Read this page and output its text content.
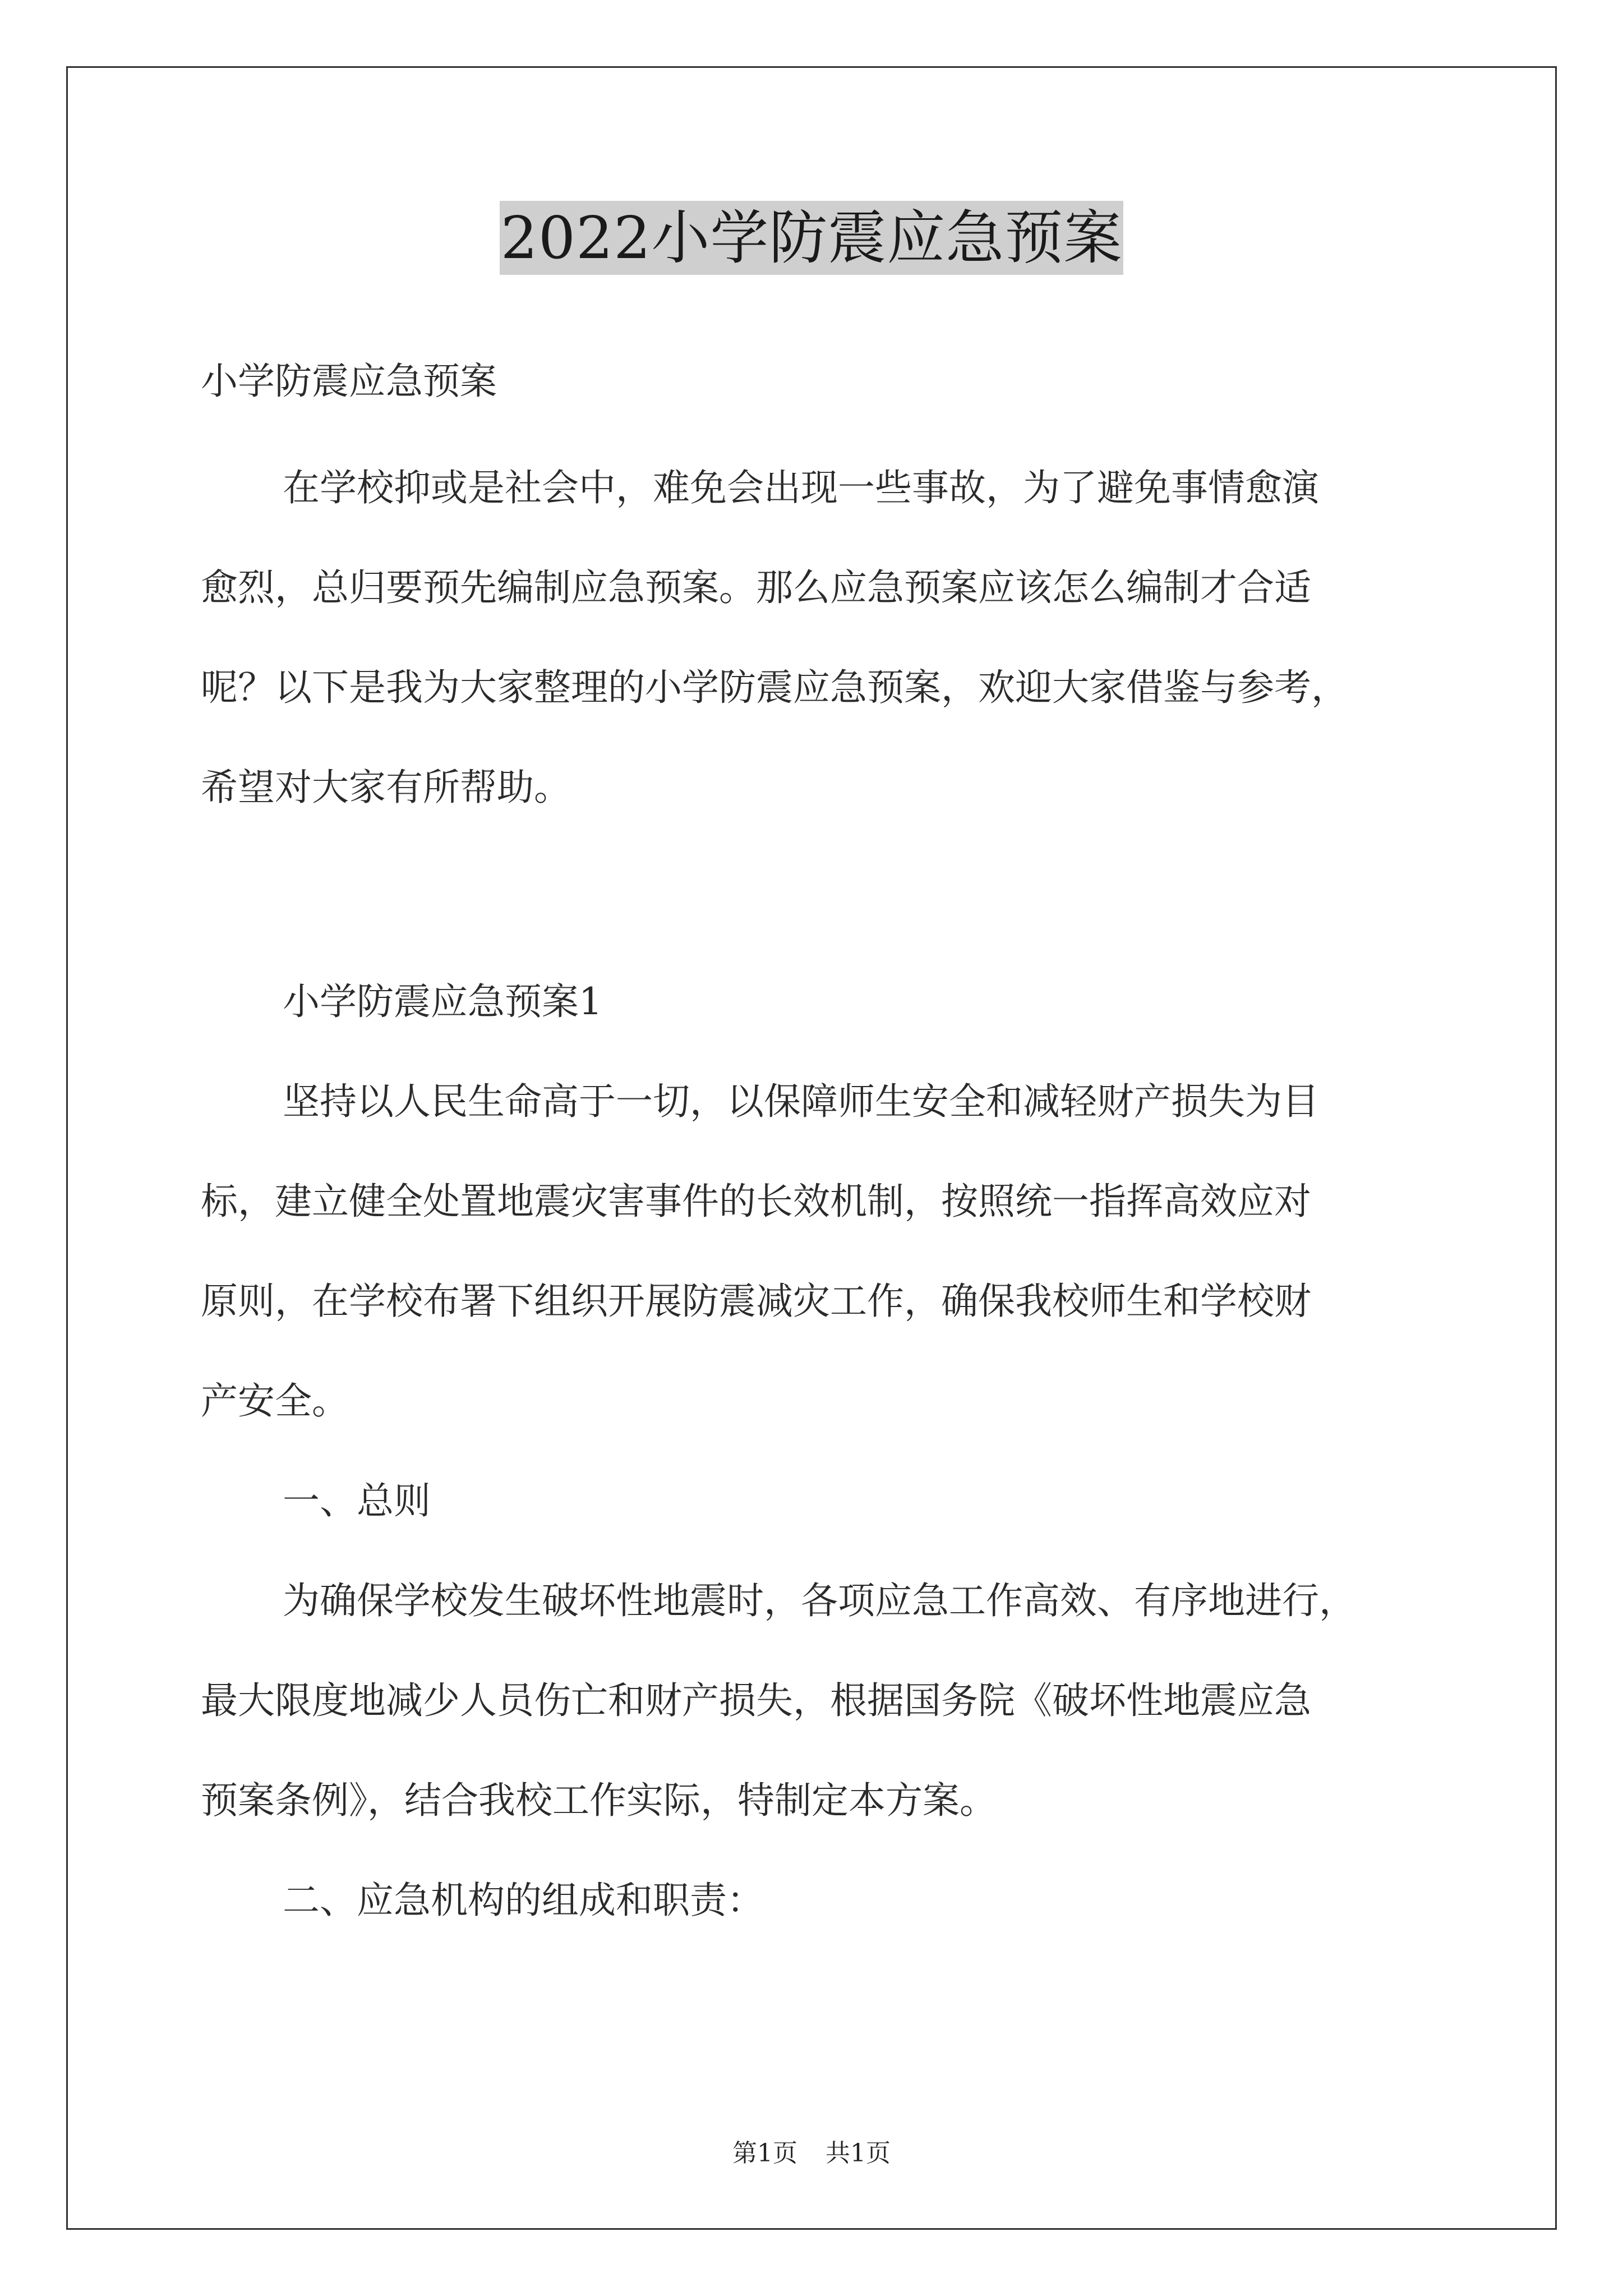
2022小学防震应急预案

小学防震应急预案

在学校抑或是社会中，难免会出现一些事故，为了避免事情愈演

愈烈，总归要预先编制应急预案。那么应急预案应该怎么编制才合适

呢？以下是我为大家整理的小学防震应急预案，欢迎大家借鉴与参考，

希望对大家有所帮助。

小学防震应急预案1

坚持以人民生命高于一切，以保障师生安全和减轻财产损失为目

标，建立健全处置地震灾害事件的长效机制，按照统一指挥高效应对

原则，在学校布署下组织开展防震减灾工作，确保我校师生和学校财

产安全。

一、总则

为确保学校发生破坏性地震时，各项应急工作高效、有序地进行，

最大限度地减少人员伤亡和财产损失，根据国务院《破坏性地震应急

预案条例》，结合我校工作实际，特制定本方案。

二、应急机构的组成和职责：

第1页 共1页
